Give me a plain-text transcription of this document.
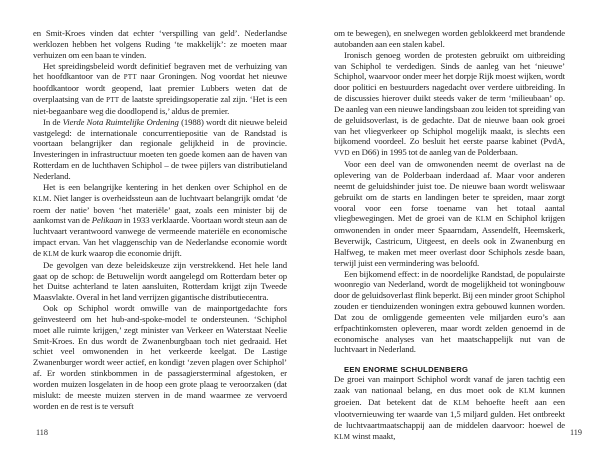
en Smit-Kroes vinden dat echter ‘verspilling van geld’. Nederlandse werklozen hebben het volgens Ruding ‘te makkelijk’: ze moeten maar verhuizen om een baan te vinden.

Het spreidingsbeleid wordt definitief begraven met de verhuizing van het hoofdkantoor van de PTT naar Groningen. Nog voordat het nieuwe hoofdkantoor wordt geopend, laat premier Lubbers weten dat de overplaatsing van de PTT de laatste spreidingsoperatie zal zijn. ‘Het is een niet-begaanbare weg die doodlopend is,’ aldus de premier.

In de Vierde Nota Ruimtelijke Ordening (1988) wordt dit nieuwe beleid vastgelegd: de internationale concurrentiepositie van de Randstad is voortaan belangrijker dan regionale gelijkheid in de provincie. Investeringen in infrastructuur moeten ten goede komen aan de haven van Rotterdam en de luchthaven Schiphol – de twee pijlers van distributieland Nederland.

Het is een belangrijke kentering in het denken over Schiphol en de KLM. Niet langer is overheidssteun aan de luchtvaart belangrijk omdat ‘de roem der natie’ boven ‘het materiële’ gaat, zoals een minister bij de aankomst van de Pelikaan in 1933 verklaarde. Voortaan wordt steun aan de luchtvaart verantwoord vanwege de vermeende materiële en economische impact ervan. Van het vlaggenschip van de Nederlandse economie wordt de KLM de kurk waarop die economie drijft.

De gevolgen van deze beleidskeuze zijn verstrekkend. Het hele land gaat op de schop: de Betuwelijn wordt aangelegd om Rotterdam beter op het Duitse achterland te laten aansluiten, Rotterdam krijgt zijn Tweede Maasvlakte. Overal in het land verrijzen gigantische distributiecentra.

Ook op Schiphol wordt omwille van de mainportgedachte fors geïnvesteerd om het hub-and-spoke-model te ondersteunen. ‘Schiphol moet alle ruimte krijgen,’ zegt minister van Verkeer en Waterstaat Neelie Smit-Kroes. En dus wordt de Zwanenburgbaan toch niet gedraaid. Het schiet veel omwonenden in het verkeerde keelgat. De Lastige Zwanenburger wordt weer actief, en kondigt ‘zeven plagen over Schiphol’ af. Er worden stinkbommen in de passagiersterminal afgestoken, er worden muizen losgelaten in de hoop een grote plaag te veroorzaken (dat mislukt: de meeste muizen sterven in de mand waarmee ze vervoerd worden en de rest is te versuft

om te bewegen), en snelwegen worden geblokkeerd met brandende autobanden aan een stalen kabel.

Ironisch genoeg worden de protesten gebruikt om uitbreiding van Schiphol te verdedigen. Sinds de aanleg van het ‘nieuwe’ Schiphol, waarvoor onder meer het dorpje Rijk moest wijken, wordt door politici en bestuurders nagedacht over verdere uitbreiding. In de discussies hierover duikt steeds vaker de term ‘milieubaan’ op. De aanleg van een nieuwe landingsbaan zou leiden tot spreiding van de geluidsoverlast, is de gedachte. Dat de nieuwe baan ook groei van het vliegverkeer op Schiphol mogelijk maakt, is slechts een bijkomend voordeel. Zo besluit het eerste paarse kabinet (PvdA, VVD en D66) in 1995 tot de aanleg van de Polderbaan.

Voor een deel van de omwonenden neemt de overlast na de oplevering van de Polderbaan inderdaad af. Maar voor anderen neemt de geluidshinder juist toe. De nieuwe baan wordt weliswaar gebruikt om de starts en landingen beter te spreiden, maar zorgt vooral voor een forse toename van het totaal aantal vliegbewegingen. Met de groei van de KLM en Schiphol krijgen omwonenden in onder meer Spaarndam, Assendelft, Heemskerk, Beverwijk, Castricum, Uitgeest, en deels ook in Zwanenburg en Halfweg, te maken met meer overlast door Schiphols zesde baan, terwijl juist een vermindering was beloofd.

Een bijkomend effect: in de noordelijke Randstad, de populairste woonregio van Nederland, wordt de mogelijkheid tot woningbouw door de geluidsoverlast flink beperkt. Bij een minder groot Schiphol zouden er tienduizenden woningen extra gebouwd kunnen worden. Dat zou de omliggende gemeenten vele miljarden euro’s aan erfpachtinkomsten opleveren, maar wordt zelden genoemd in de economische analyses van het maatschappelijk nut van de luchtvaart in Nederland.

EEN ENORME SCHULDENBERG

De groei van mainport Schiphol wordt vanaf de jaren tachtig een zaak van nationaal belang, en dus moet ook de KLM kunnen groeien. Dat betekent dat de KLM behoefte heeft aan een vlootvernieuwing ter waarde van 1,5 miljard gulden. Het ontbreekt de luchtvaartmaatschappij aan de middelen daarvoor: hoewel de KLM winst maakt,

118	119
